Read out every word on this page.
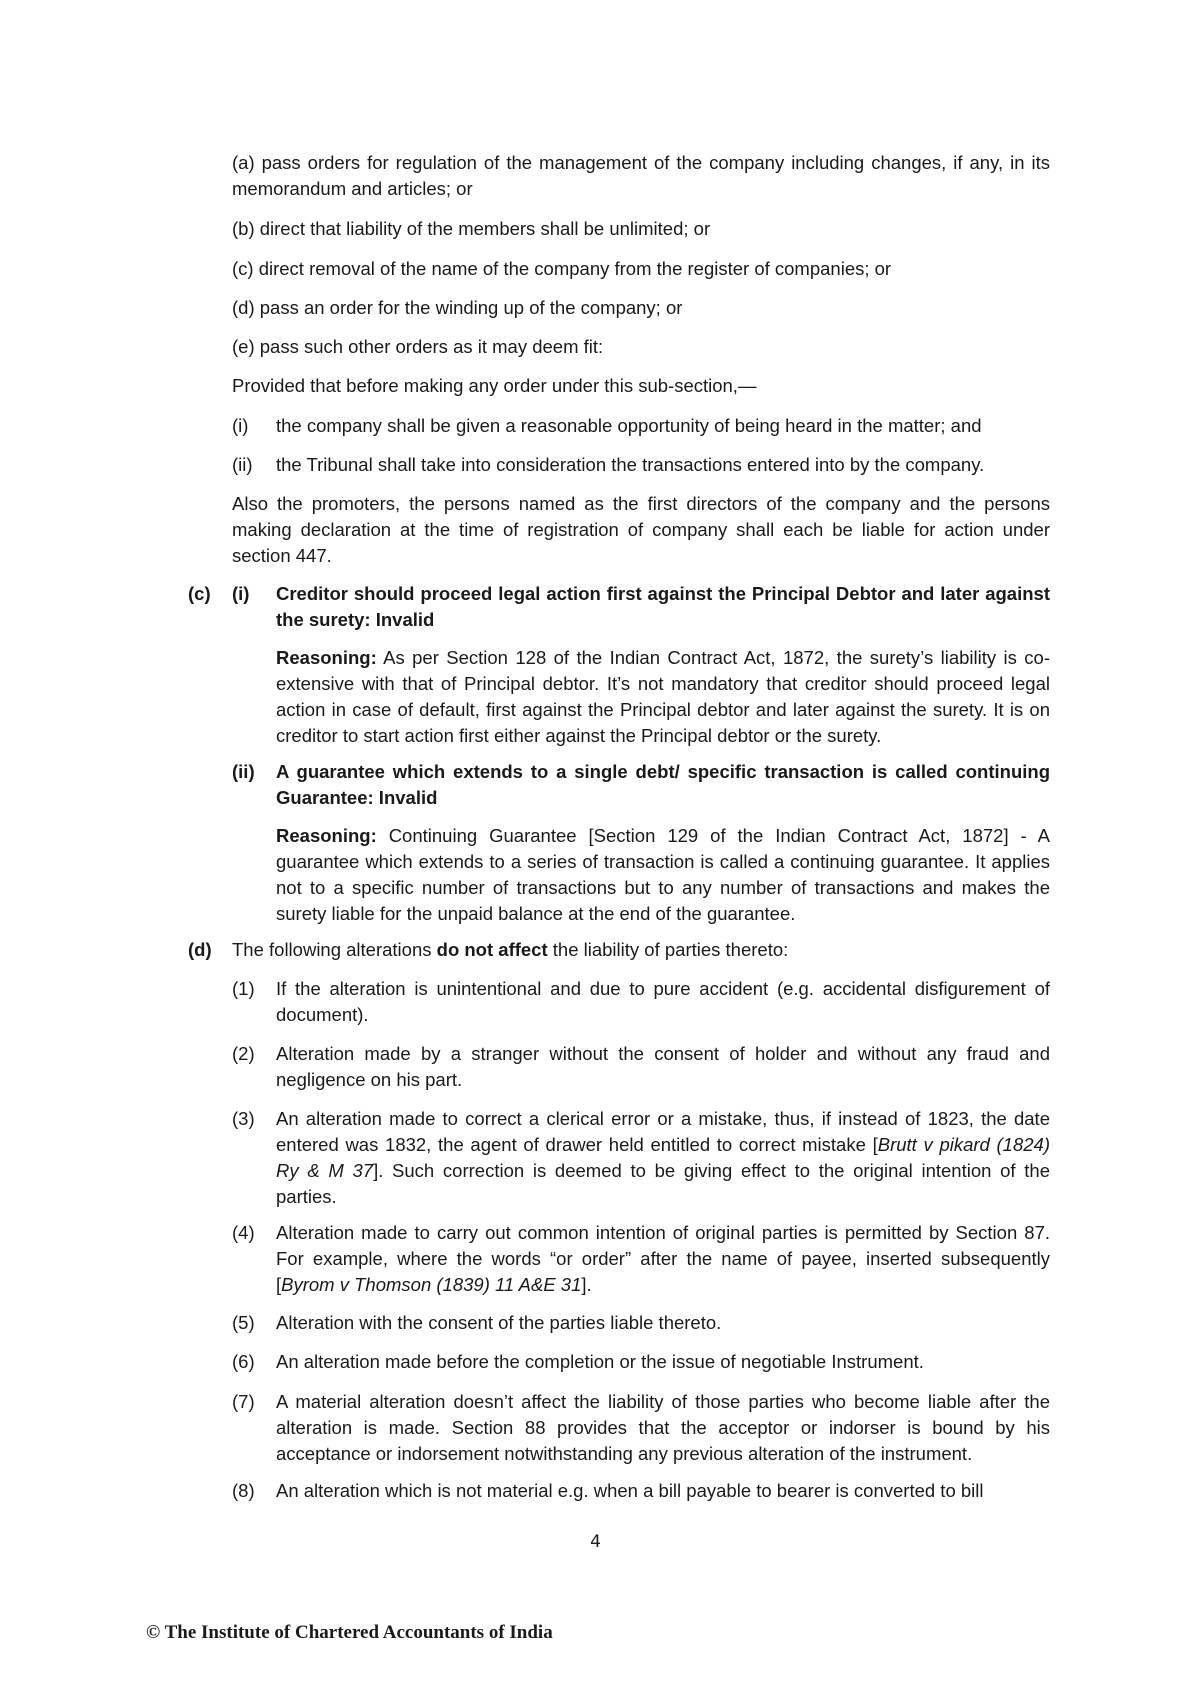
(a) pass orders for regulation of the management of the company including changes, if any, in its memorandum and articles; or

(b) direct that liability of the members shall be unlimited; or

(c) direct removal of the name of the company from the register of companies; or

(d) pass an order for the winding up of the company; or

(e) pass such other orders as it may deem fit:

Provided that before making any order under this sub-section,—

(i) the company shall be given a reasonable opportunity of being heard in the matter; and
(ii) the Tribunal shall take into consideration the transactions entered into by the company.

Also the promoters, the persons named as the first directors of the company and the persons making declaration at the time of registration of company shall each be liable for action under section 447.

(c) (i) Creditor should proceed legal action first against the Principal Debtor and later against the surety: Invalid
Reasoning: As per Section 128 of the Indian Contract Act, 1872, the surety’s liability is co-extensive with that of Principal debtor. It’s not mandatory that creditor should proceed legal action in case of default, first against the Principal debtor and later against the surety. It is on creditor to start action first either against the Principal debtor or the surety.
(ii) A guarantee which extends to a single debt/ specific transaction is called continuing Guarantee: Invalid
Reasoning: Continuing Guarantee [Section 129 of the Indian Contract Act, 1872] - A guarantee which extends to a series of transaction is called a continuing guarantee. It applies not to a specific number of transactions but to any number of transactions and makes the surety liable for the unpaid balance at the end of the guarantee.
(d) The following alterations do not affect the liability of parties thereto:
(1) If the alteration is unintentional and due to pure accident (e.g. accidental disfigurement of document).
(2) Alteration made by a stranger without the consent of holder and without any fraud and negligence on his part.
(3) An alteration made to correct a clerical error or a mistake, thus, if instead of 1823, the date entered was 1832, the agent of drawer held entitled to correct mistake [Brutt v pikard (1824) Ry & M 37]. Such correction is deemed to be giving effect to the original intention of the parties.
(4) Alteration made to carry out common intention of original parties is permitted by Section 87. For example, where the words “or order” after the name of payee, inserted subsequently [Byrom v Thomson (1839) 11 A&E 31].
(5) Alteration with the consent of the parties liable thereto.
(6) An alteration made before the completion or the issue of negotiable Instrument.
(7) A material alteration doesn’t affect the liability of those parties who become liable after the alteration is made. Section 88 provides that the acceptor or indorser is bound by his acceptance or indorsement notwithstanding any previous alteration of the instrument.
(8) An alteration which is not material e.g. when a bill payable to bearer is converted to bill
4
© The Institute of Chartered Accountants of India
